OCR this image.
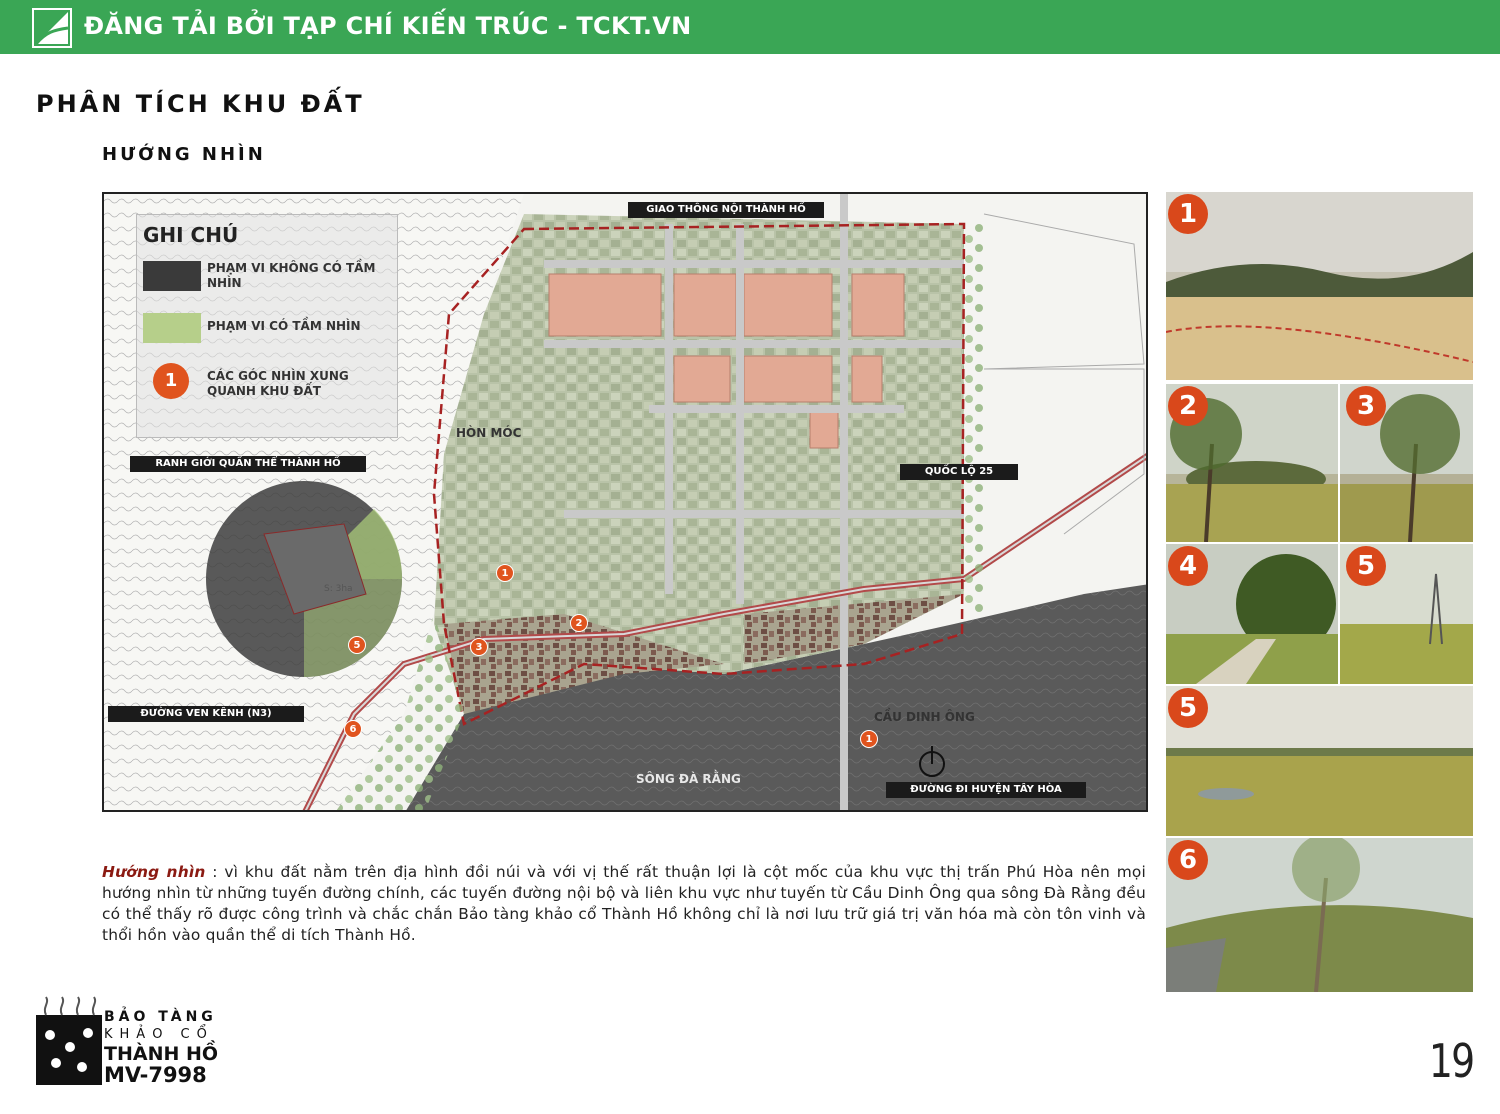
ĐĂNG TẢI BỞI TẠP CHÍ KIẾN TRÚC - TCKT.VN
PHÂN TÍCH KHU ĐẤT
HƯỚNG NHÌN
GHI CHÚ
PHẠM VI KHÔNG CÓ TẦM NHÌN
PHẠM VI CÓ TẦM NHÌN
1	CÁC GÓC NHÌN XUNG QUANH KHU ĐẤT
GIAO THÔNG NỘI THÀNH HỒ
RANH GIỚI QUẦN THỂ THÀNH HỒ
QUỐC LỘ 25
ĐƯỜNG VEN KÊNH (N3)
ĐƯỜNG ĐI HUYỆN TÂY HÒA
HÒN MÓC
CẦU DINH ÔNG
SÔNG ĐÀ RẰNG
S: 3ha
1
2
3
5
6
1
1
2	3
4	5
5
6
Hướng nhìn : vì khu đất nằm trên địa hình đồi núi và với vị thế rất thuận lợi là cột mốc của khu vực thị trấn Phú Hòa nên mọi hướng nhìn từ những tuyến đường chính, các tuyến đường nội bộ và liên khu vực như tuyến từ Cầu Dinh Ông qua sông Đà Rằng đều có thể thấy rõ được công trình và chắc chắn Bảo tàng khảo cổ Thành Hồ không chỉ là nơi lưu trữ giá trị văn hóa mà còn tôn vinh và thổi hồn vào quần thể di tích Thành Hồ.
BẢO TÀNG
KHẢO CỔ
THÀNH HỒ
MV-7998	19
